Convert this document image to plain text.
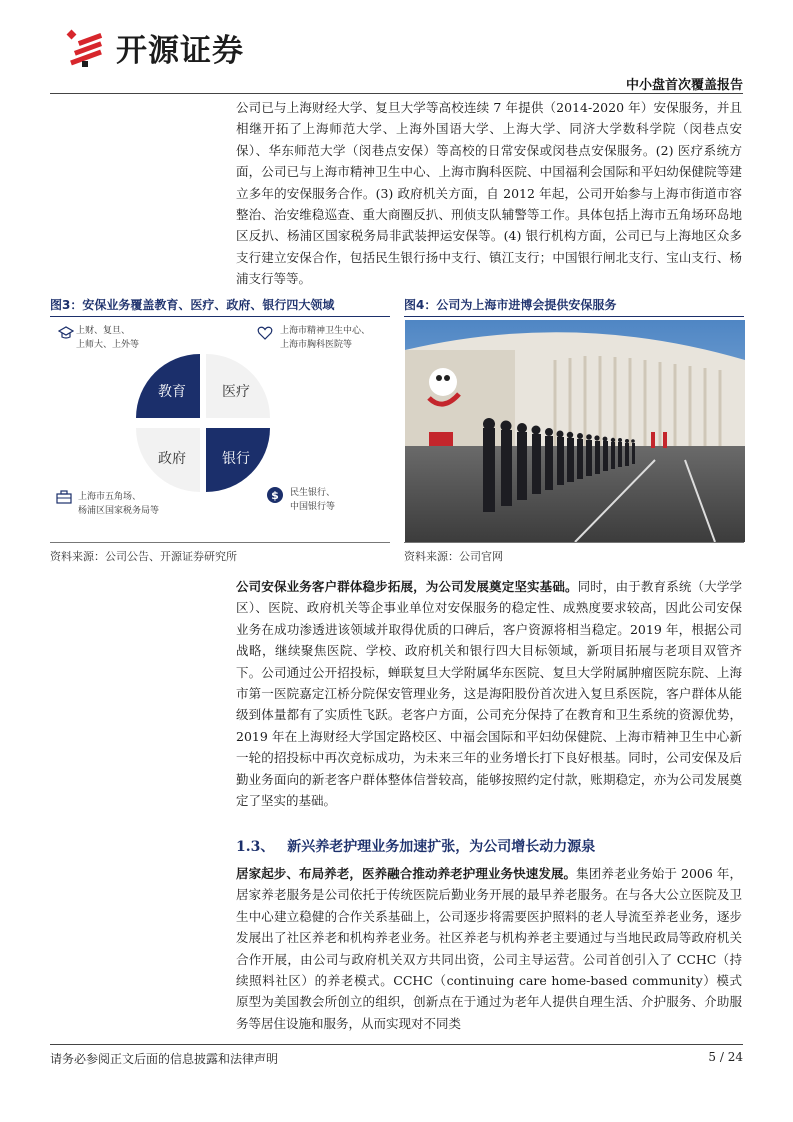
开源证券
中小盘首次覆盖报告

公司已与上海财经大学、复旦大学等高校连续 7 年提供（2014-2020 年）安保服务，并且相继开拓了上海师范大学、上海外国语大学、上海大学、同济大学数科学院（闵巷点安保）、华东师范大学（闵巷点安保）等高校的日常安保或闵巷点安保服务。(2) 医疗系统方面，公司已与上海市精神卫生中心、上海市胸科医院、中国福利会国际和平妇幼保健院等建立多年的安保服务合作。(3) 政府机关方面，自 2012 年起，公司开始参与上海市街道市容整治、治安维稳巡查、重大商圈反扒、刑侦支队辅警等工作。具体包括上海市五角场环岛地区反扒、杨浦区国家税务局非武装押运安保等。(4) 银行机构方面，公司已与上海地区众多支行建立安保合作，包括民生银行扬中支行、镇江支行；中国银行闸北支行、宝山支行、杨浦支行等等。

图3：安保业务覆盖教育、医疗、政府、银行四大领域
上财、复旦、
上师大、上外等
上海市精神卫生中心、
上海市胸科医院等
上海市五角场、
杨浦区国家税务局等
$ 民生银行、
中国银行等
教育	医疗
政府	银行
资料来源：公司公告、开源证券研究所
图4：公司为上海市进博会提供安保服务
资料来源：公司官网

公司安保业务客户群体稳步拓展，为公司发展奠定坚实基础。同时，由于教育系统（大学学区）、医院、政府机关等企事业单位对安保服务的稳定性、成熟度要求较高，因此公司安保业务在成功渗透进该领域并取得优质的口碑后，客户资源将相当稳定。2019 年，根据公司战略，继续聚焦医院、学校、政府机关和银行四大目标领域，新项目拓展与老项目双管齐下。公司通过公开招投标，蝉联复旦大学附属华东医院、复旦大学附属肿瘤医院东院、上海市第一医院嘉定江桥分院保安管理业务，这是海阳股份首次进入复旦系医院，客户群体从能级到体量都有了实质性飞跃。老客户方面，公司充分保持了在教育和卫生系统的资源优势，2019 年在上海财经大学国定路校区、中福会国际和平妇幼保健院、上海市精神卫生中心新一轮的招投标中再次竞标成功，为未来三年的业务增长打下良好根基。同时，公司安保及后勤业务面向的新老客户群体整体信誉较高，能够按照约定付款，账期稳定，亦为公司发展奠定了坚实的基础。

1.3、 新兴养老护理业务加速扩张，为公司增长动力源泉

居家起步、布局养老，医养融合推动养老护理业务快速发展。集团养老业务始于 2006 年，居家养老服务是公司依托于传统医院后勤业务开展的最早养老服务。在与各大公立医院及卫生中心建立稳健的合作关系基础上，公司逐步将需要医护照料的老人导流至养老业务，逐步发展出了社区养老和机构养老业务。社区养老与机构养老主要通过与当地民政局等政府机关合作开展，由公司与政府机关双方共同出资，公司主导运营。公司首创引入了 CCHC（持续照料社区）的养老模式。CCHC（continuing care home-based community）模式原型为美国教会所创立的组织，创新点在于通过为老年人提供自理生活、介护服务、介助服务等居住设施和服务，从而实现对不同类

请务必参阅正文后面的信息披露和法律声明	5 / 24
